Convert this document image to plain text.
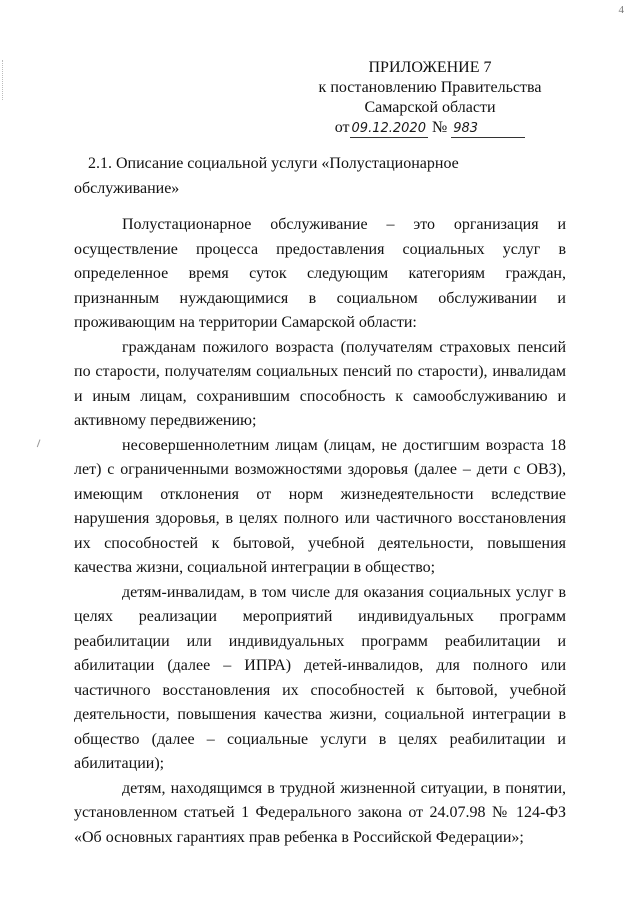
4
ПРИЛОЖЕНИЕ 7
к постановлению Правительства
Самарской области
от 09.12.2020 № 983

2.1. Описание социальной услуги «Полустационарное обслуживание»

Полустационарное обслуживание – это организация и осуществление процесса предоставления социальных услуг в определенное время суток следующим категориям граждан, признанным нуждающимися в социальном обслуживании и проживающим на территории Самарской области:

гражданам пожилого возраста (получателям страховых пенсий по старости, получателям социальных пенсий по старости), инвалидам и иным лицам, сохранившим способность к самообслуживанию и активному передвижению;

несовершеннолетним лицам (лицам, не достигшим возраста 18 лет) с ограниченными возможностями здоровья (далее – дети с ОВЗ), имеющим отклонения от норм жизнедеятельности вследствие нарушения здоровья, в целях полного или частичного восстановления их способностей к бытовой, учебной деятельности, повышения качества жизни, социальной интеграции в общество;

детям-инвалидам, в том числе для оказания социальных услуг в целях реализации мероприятий индивидуальных программ реабилитации или индивидуальных программ реабилитации и абилитации (далее – ИПРА) детей-инвалидов, для полного или частичного восстановления их способностей к бытовой, учебной деятельности, повышения качества жизни, социальной интеграции в общество (далее – социальные услуги в целях реабилитации и абилитации);

детям, находящимся в трудной жизненной ситуации, в понятии, установленном статьей 1 Федерального закона от 24.07.98 № 124-ФЗ «Об основных гарантиях прав ребенка в Российской Федерации»;
